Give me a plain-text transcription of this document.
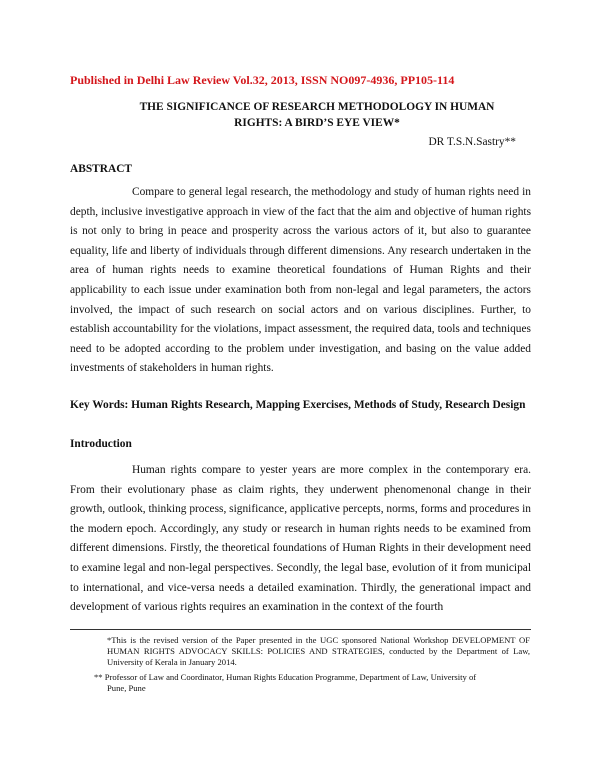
Published in Delhi Law Review Vol.32, 2013, ISSN NO097-4936, PP105-114
THE SIGNIFICANCE OF RESEARCH METHODOLOGY IN HUMAN
RIGHTS: A BIRD’S EYE VIEW*
DR T.S.N.Sastry**
ABSTRACT

Compare to general legal research, the methodology and study of human rights need in depth, inclusive investigative approach in view of the fact that the aim and objective of human rights is not only to bring in peace and prosperity across the various actors of it, but also to guarantee equality, life and liberty of individuals through different dimensions. Any research undertaken in the area of human rights needs to examine theoretical foundations of Human Rights and their applicability to each issue under examination both from non-legal and legal parameters, the actors involved, the impact of such research on social actors and on various disciplines. Further, to establish accountability for the violations, impact assessment, the required data, tools and techniques need to be adopted according to the problem under investigation, and basing on the value added investments of stakeholders in human rights.

Key Words: Human Rights Research, Mapping Exercises, Methods of Study, Research Design

Introduction

Human rights compare to yester years are more complex in the contemporary era. From their evolutionary phase as claim rights, they underwent phenomenonal change in their growth, outlook, thinking process, significance, applicative percepts, norms, forms and procedures in the modern epoch. Accordingly, any study or research in human rights needs to be examined from different dimensions. Firstly, the theoretical foundations of Human Rights in their development need to examine legal and non-legal perspectives. Secondly, the legal base, evolution of it from municipal to international, and vice-versa needs a detailed examination. Thirdly, the generational impact and development of various rights requires an examination in the context of the fourth

*This is the revised version of the Paper presented in the UGC sponsored National Workshop DEVELOPMENT OF HUMAN RIGHTS ADVOCACY SKILLS: POLICIES AND STRATEGIES, conducted by the Department of Law, University of Kerala in January 2014.

** Professor of Law and Coordinator, Human Rights Education Programme, Department of Law, University of
Pune, Pune
